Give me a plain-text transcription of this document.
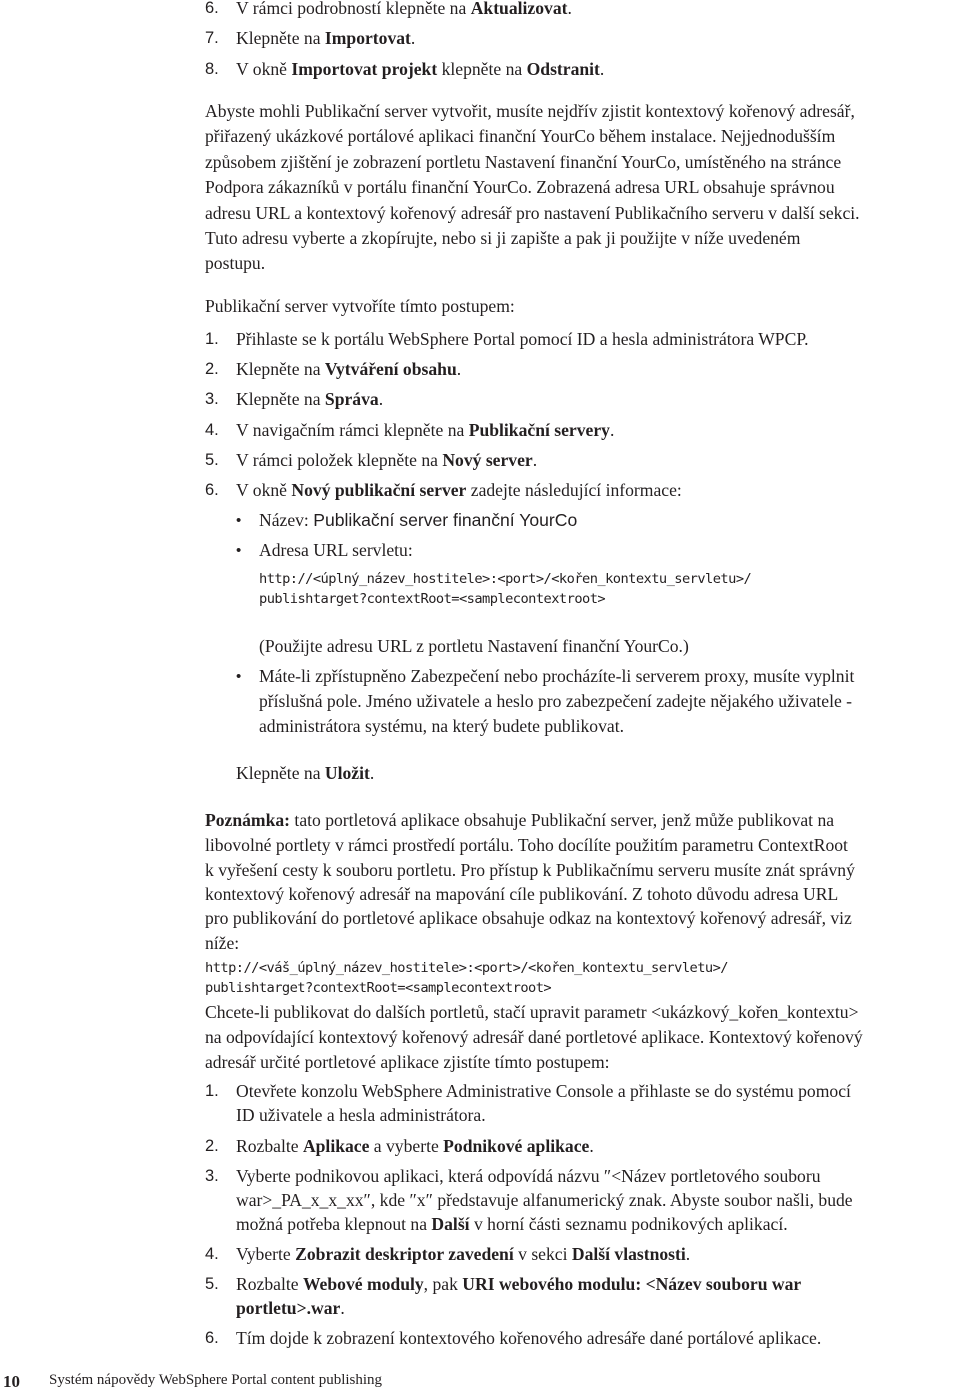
6. V rámci podrobností klepněte na Aktualizovat.
7. Klepněte na Importovat.
8. V okně Importovat projekt klepněte na Odstranit.
Abyste mohli Publikační server vytvořit, musíte nejdřív zjistit kontextový kořenový adresář,
přiřazený ukázkové portálové aplikaci finanční YourCo během instalace. Nejjednodušším
způsobem zjištění je zobrazení portletu Nastavení finanční YourCo, umístěného na stránce
Podpora zákazníků v portálu finanční YourCo. Zobrazená adresa URL obsahuje správnou
adresu URL a kontextový kořenový adresář pro nastavení Publikačního serveru v další sekci.
Tuto adresu vyberte a zkopírujte, nebo si ji zapište a pak ji použijte v níže uvedeném
postupu.
Publikační server vytvoříte tímto postupem:
1. Přihlaste se k portálu WebSphere Portal pomocí ID a hesla administrátora WPCP.
2. Klepněte na Vytváření obsahu.
3. Klepněte na Správa.
4. V navigačním rámci klepněte na Publikační servery.
5. V rámci položek klepněte na Nový server.
6. V okně Nový publikační server zadejte následující informace:
• Název: Publikační server finanční YourCo
• Adresa URL servletu:
http://<úplný_název_hostitele>:<port>/<kořen_kontextu_servletu>/
publishtarget?contextRoot=<samplecontextroot>
(Použijte adresu URL z portletu Nastavení finanční YourCo.)
• Máte-li zpřístupněno Zabezpečení nebo procházíte-li serverem proxy, musíte vyplnit
příslušná pole. Jméno uživatele a heslo pro zabezpečení zadejte nějakého uživatele -
administrátora systému, na který budete publikovat.
Klepněte na Uložit.
Poznámka: tato portletová aplikace obsahuje Publikační server, jenž může publikovat na
libovolné portlety v rámci prostředí portálu. Toho docílíte použitím parametru ContextRoot
k vyřešení cesty k souboru portletu. Pro přístup k Publikačnímu serveru musíte znát správný
kontextový kořenový adresář na mapování cíle publikování. Z tohoto důvodu adresa URL
pro publikování do portletové aplikace obsahuje odkaz na kontextový kořenový adresář, viz
níže:
http://<váš_úplný_název_hostitele>:<port>/<kořen_kontextu_servletu>/
publishtarget?contextRoot=<samplecontextroot>
Chcete-li publikovat do dalších portletů, stačí upravit parametr <ukázkový_kořen_kontextu>
na odpovídající kontextový kořenový adresář dané portletové aplikace. Kontextový kořenový
adresář určité portletové aplikace zjistíte tímto postupem:
1. Otevřete konzolu WebSphere Administrative Console a přihlaste se do systému pomocí
ID uživatele a hesla administrátora.
2. Rozbalte Aplikace a vyberte Podnikové aplikace.
3. Vyberte podnikovou aplikaci, která odpovídá názvu ″<Název portletového souboru
war>_PA_x_x_xx″, kde ″x″ představuje alfanumerický znak. Abyste soubor našli, bude
možná potřeba klepnout na Další v horní části seznamu podnikových aplikací.
4. Vyberte Zobrazit deskriptor zavedení v sekci Další vlastnosti.
5. Rozbalte Webové moduly, pak URI webového modulu: <Název souboru war
portletu>.war.
6. Tím dojde k zobrazení kontextového kořenového adresáře dané portálové aplikace.
10 Systém nápovědy WebSphere Portal content publishing
